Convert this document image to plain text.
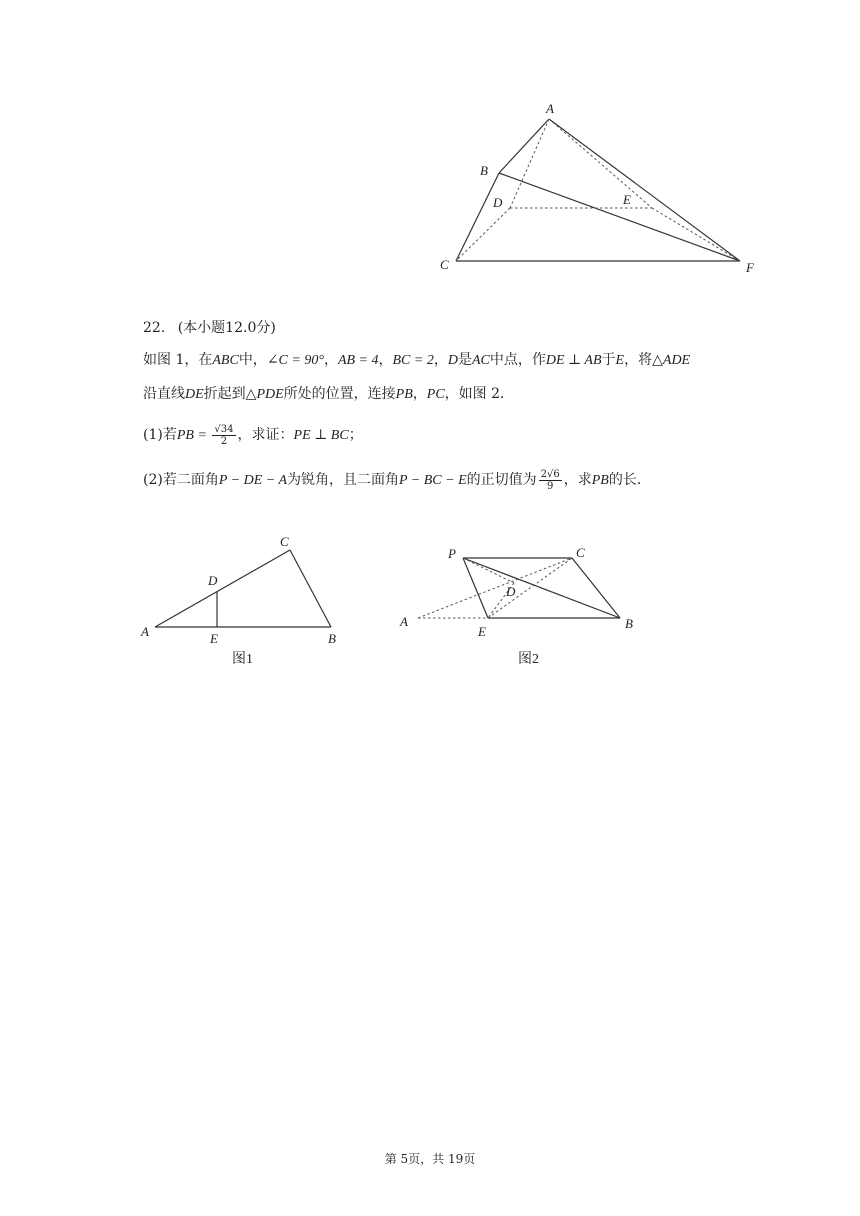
A
B
D	E
C	F
22. (本小题12.0分)
如图 1，在ABC中，∠C = 90°，AB = 4，BC = 2，D是AC中点，作DE ⊥ AB于E，将△ADE
沿直线DE折起到△PDE所处的位置，连接PB，PC，如图 2．
(1)若PB = $\frac{√34}{2}$ ，求证：PE ⊥ BC；
(2)若二面角P − DE − A为锐角，且二面角P − BC − E的正切值为 $\frac{2√6}{9}$ ，求PB的长．
C
D
A	E	B
图1
P	C
D
A
E
B
图2
第 5页，共 19页
